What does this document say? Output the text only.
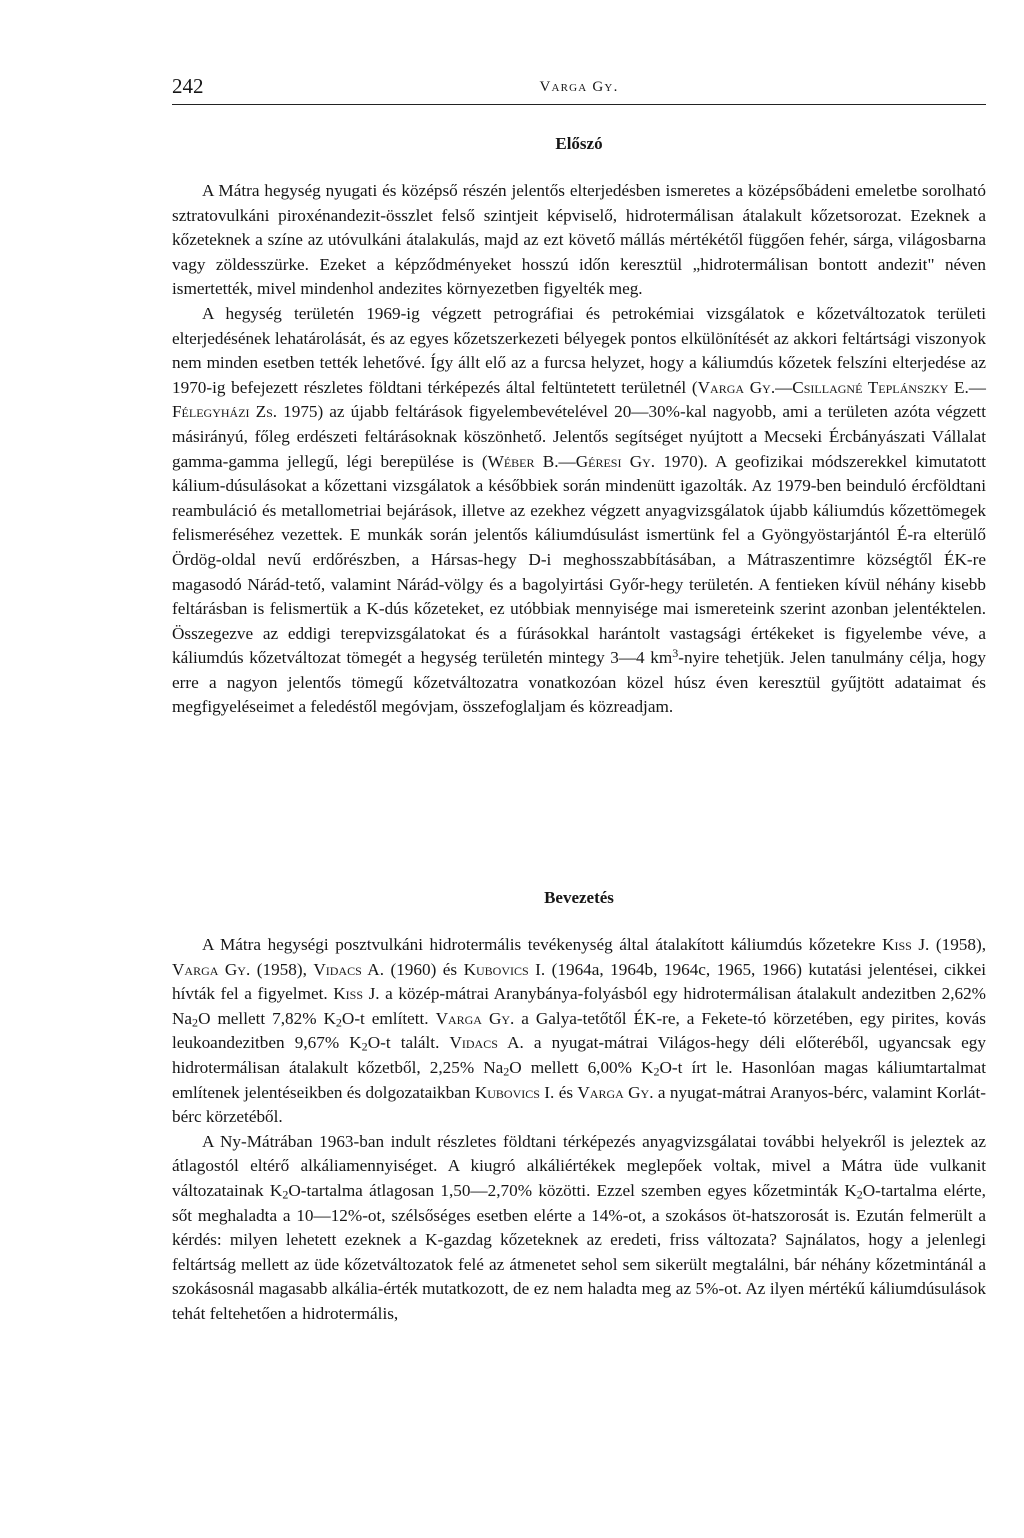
242	Varga Gy.
Előszó

A Mátra hegység nyugati és középső részén jelentős elterjedésben ismeretes a középsőbádeni emeletbe sorolható sztratovulkáni piroxénandezit-összlet felső szintjeit képviselő, hidrotermálisan átalakult kőzetsorozat. Ezeknek a kőzeteknek a színe az utóvulkáni átalakulás, majd az ezt követő mállás mértékétől függően fehér, sárga, világosbarna vagy zöldesszürke. Ezeket a képződményeket hosszú időn keresztül „hidrotermálisan bontott andezit" néven ismertették, mivel mindenhol andezites környezetben figyelték meg.

A hegység területén 1969-ig végzett petrográfiai és petrokémiai vizsgálatok e kőzetváltozatok területi elterjedésének lehatárolását, és az egyes kőzetszerkezeti bélyegek pontos elkülönítését az akkori feltártsági viszonyok nem minden esetben tették lehetővé. Így állt elő az a furcsa helyzet, hogy a káliumdús kőzetek felszíni elterjedése az 1970-ig befejezett részletes földtani térképezés által feltüntetett területnél (Varga Gy.—Csillagné Teplánszky E.—Félegyházi Zs. 1975) az újabb feltárások figyelembevételével 20—30%-kal nagyobb, ami a területen azóta végzett másirányú, főleg erdészeti feltárásoknak köszönhető. Jelentős segítséget nyújtott a Mecseki Ércbányászati Vállalat gamma-gamma jellegű, légi berepülése is (Wéber B.—Géresi Gy. 1970). A geofizikai módszerekkel kimutatott kálium-dúsulásokat a kőzettani vizsgálatok a későbbiek során mindenütt igazolták. Az 1979-ben beinduló ércföldtani reambuláció és metallometriai bejárások, illetve az ezekhez végzett anyagvizsgálatok újabb káliumdús kőzettömegek felismeréséhez vezettek. E munkák során jelentős káliumdúsulást ismertünk fel a Gyöngyöstarjántól É-ra elterülő Ördög-oldal nevű erdőrészben, a Hársas-hegy D-i meghosszabbításában, a Mátraszentimre községtől ÉK-re magasodó Nárád-tető, valamint Nárád-völgy és a bagolyirtási Győr-hegy területén. A fentieken kívül néhány kisebb feltárásban is felismertük a K-dús kőzeteket, ez utóbbiak mennyisége mai ismereteink szerint azonban jelentéktelen. Összegezve az eddigi terepvizsgálatokat és a fúrásokkal harántolt vastagsági értékeket is figyelembe véve, a káliumdús kőzetváltozat tömegét a hegység területén mintegy 3—4 $km^3$-nyire tehetjük. Jelen tanulmány célja, hogy erre a nagyon jelentős tömegű kőzetváltozatra vonatkozóan közel húsz éven keresztül gyűjtött adataimat és megfigyeléseimet a feledéstől megóvjam, összefoglaljam és közreadjam.

Bevezetés

A Mátra hegységi posztvulkáni hidrotermális tevékenység által átalakított káliumdús kőzetekre Kiss J. (1958), Varga Gy. (1958), Vidacs A. (1960) és Kubovics I. (1964a, 1964b, 1964c, 1965, 1966) kutatási jelentései, cikkei hívták fel a figyelmet. Kiss J. a közép-mátrai Aranybánya-folyásból egy hidrotermálisan átalakult andezitben 2,62% $Na_2O$ mellett 7,82% $K_2O-t$ említett. Varga Gy. a Galya-tetőtől ÉK-re, a Fekete-tó körzetében, egy pirites, kovás leukoandezitben 9,67% $K_2O-t$ talált. Vidacs A. a nyugat-mátrai Világos-hegy déli előteréből, ugyancsak egy hidrotermálisan átalakult kőzetből, 2,25% $Na_2O$ mellett 6,00% $K_2O-t$ írt le. Hasonlóan magas káliumtartalmat említenek jelentéseikben és dolgozataikban Kubovics I. és Varga Gy. a nyugat-mátrai Aranyos-bérc, valamint Korlát-bérc körzetéből.

A Ny-Mátrában 1963-ban indult részletes földtani térképezés anyagvizsgálatai további helyekről is jeleztek az átlagostól eltérő alkáliamennyiséget. A kiugró alkáliértékek meglepőek voltak, mivel a Mátra üde vulkanit változatainak $K_2O$-tartalma átlagosan 1,50—2,70% közötti. Ezzel szemben egyes kőzetminták $K_2O$-tartalma elérte, sőt meghaladta a 10—12%-ot, szélsőséges esetben elérte a 14%-ot, a szokásos öt-hatszorosát is. Ezután felmerült a kérdés: milyen lehetett ezeknek a K-gazdag kőzeteknek az eredeti, friss változata? Sajnálatos, hogy a jelenlegi feltártság mellett az üde kőzetváltozatok felé az átmenetet sehol sem sikerült megtalálni, bár néhány kőzetmintánál a szokásosnál magasabb alkália-érték mutatkozott, de ez nem haladta meg az 5%-ot. Az ilyen mértékű káliumdúsulások tehát feltehetően a hidrotermális,
